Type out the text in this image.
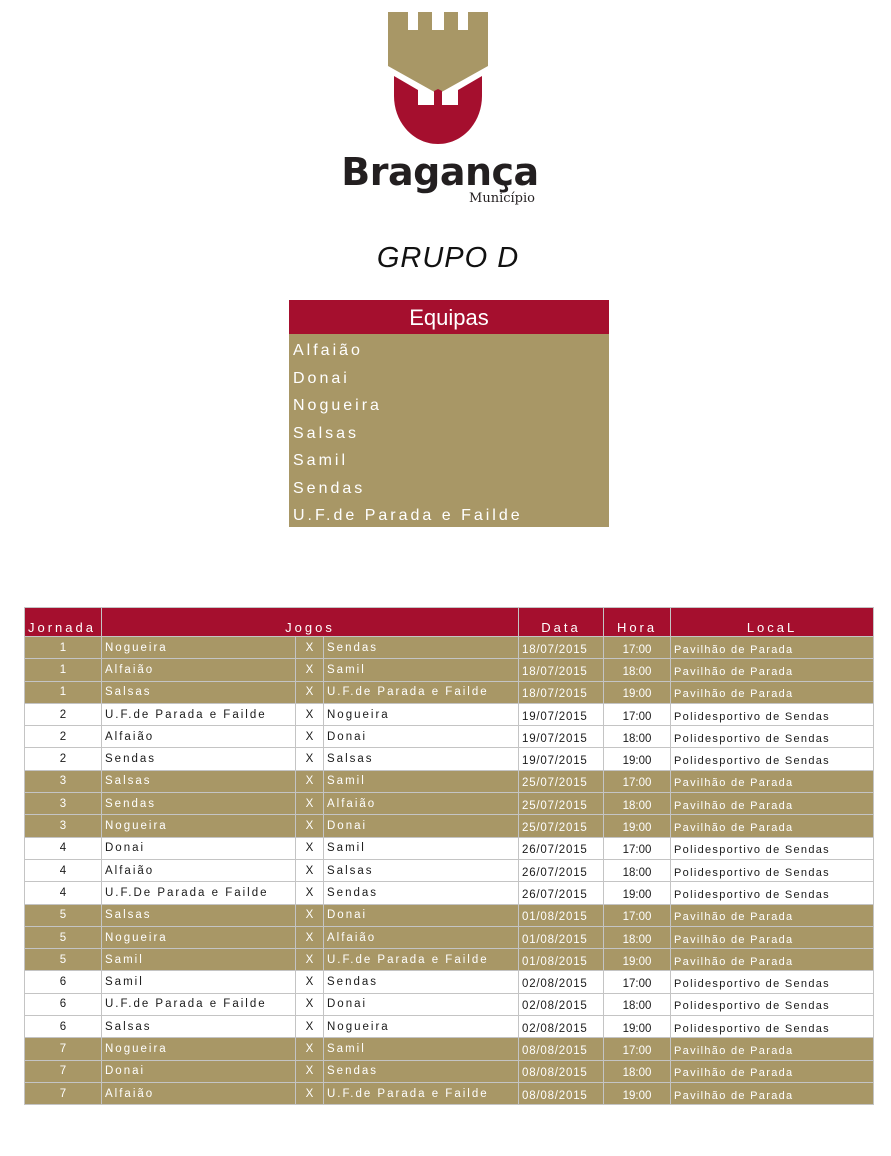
Bragança
Município
GRUPO D
Equipas
Alfaião
Donai
Nogueira
Salsas
Samil
Sendas
U.F.de Parada e Failde
Jornada	Jogos			Data	Hora	LocaL
1	Nogueira	X	Sendas	18/07/2015	17:00	Pavilhão de Parada
1	Alfaião	X	Samil	18/07/2015	18:00	Pavilhão de Parada
1	Salsas	X	U.F.de Parada e Failde	18/07/2015	19:00	Pavilhão de Parada
2	U.F.de Parada e Failde	X	Nogueira	19/07/2015	17:00	Polidesportivo de Sendas
2	Alfaião	X	Donai	19/07/2015	18:00	Polidesportivo de Sendas
2	Sendas	X	Salsas	19/07/2015	19:00	Polidesportivo de Sendas
3	Salsas	X	Samil	25/07/2015	17:00	Pavilhão de Parada
3	Sendas	X	Alfaião	25/07/2015	18:00	Pavilhão de Parada
3	Nogueira	X	Donai	25/07/2015	19:00	Pavilhão de Parada
4	Donai	X	Samil	26/07/2015	17:00	Polidesportivo de Sendas
4	Alfaião	X	Salsas	26/07/2015	18:00	Polidesportivo de Sendas
4	U.F.De Parada e Failde	X	Sendas	26/07/2015	19:00	Polidesportivo de Sendas
5	Salsas	X	Donai	01/08/2015	17:00	Pavilhão de Parada
5	Nogueira	X	Alfaião	01/08/2015	18:00	Pavilhão de Parada
5	Samil	X	U.F.de Parada e Failde	01/08/2015	19:00	Pavilhão de Parada
6	Samil	X	Sendas	02/08/2015	17:00	Polidesportivo de Sendas
6	U.F.de Parada e Failde	X	Donai	02/08/2015	18:00	Polidesportivo de Sendas
6	Salsas	X	Nogueira	02/08/2015	19:00	Polidesportivo de Sendas
7	Nogueira	X	Samil	08/08/2015	17:00	Pavilhão de Parada
7	Donai	X	Sendas	08/08/2015	18:00	Pavilhão de Parada
7	Alfaião	X	U.F.de Parada e Failde	08/08/2015	19:00	Pavilhão de Parada
